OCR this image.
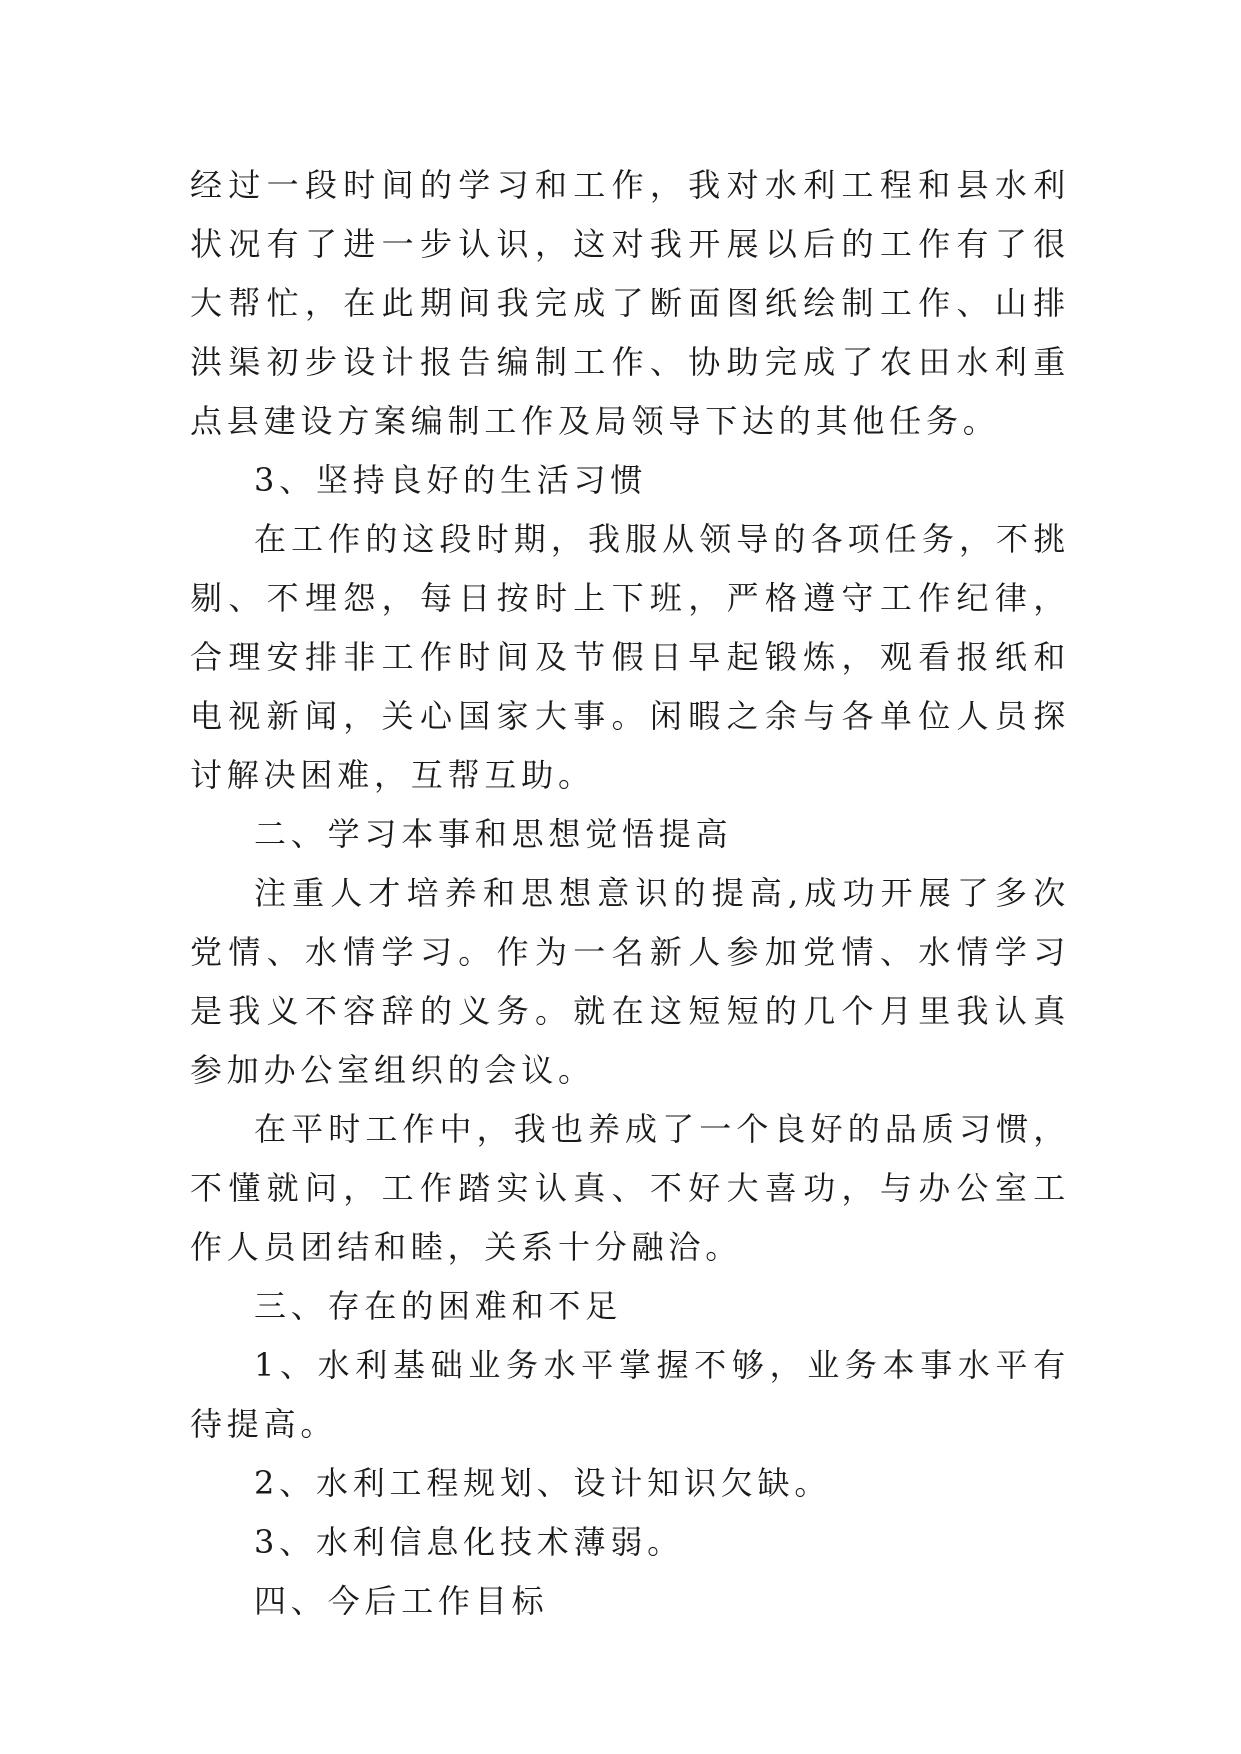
经过一段时间的学习和工作，我对水利工程和县水利状况有了进一步认识，这对我开展以后的工作有了很大帮忙，在此期间我完成了断面图纸绘制工作、山排洪渠初步设计报告编制工作、协助完成了农田水利重点县建设方案编制工作及局领导下达的其他任务。

3、坚持良好的生活习惯

在工作的这段时期，我服从领导的各项任务，不挑剔、不埋怨，每日按时上下班，严格遵守工作纪律，合理安排非工作时间及节假日早起锻炼，观看报纸和电视新闻，关心国家大事。闲暇之余与各单位人员探讨解决困难，互帮互助。

二、学习本事和思想觉悟提高

注重人才培养和思想意识的提高,成功开展了多次党情、水情学习。作为一名新人参加党情、水情学习是我义不容辞的义务。就在这短短的几个月里我认真参加办公室组织的会议。

在平时工作中，我也养成了一个良好的品质习惯，不懂就问，工作踏实认真、不好大喜功，与办公室工作人员团结和睦，关系十分融洽。

三、存在的困难和不足

1、水利基础业务水平掌握不够，业务本事水平有待提高。

2、水利工程规划、设计知识欠缺。

3、水利信息化技术薄弱。

四、今后工作目标
